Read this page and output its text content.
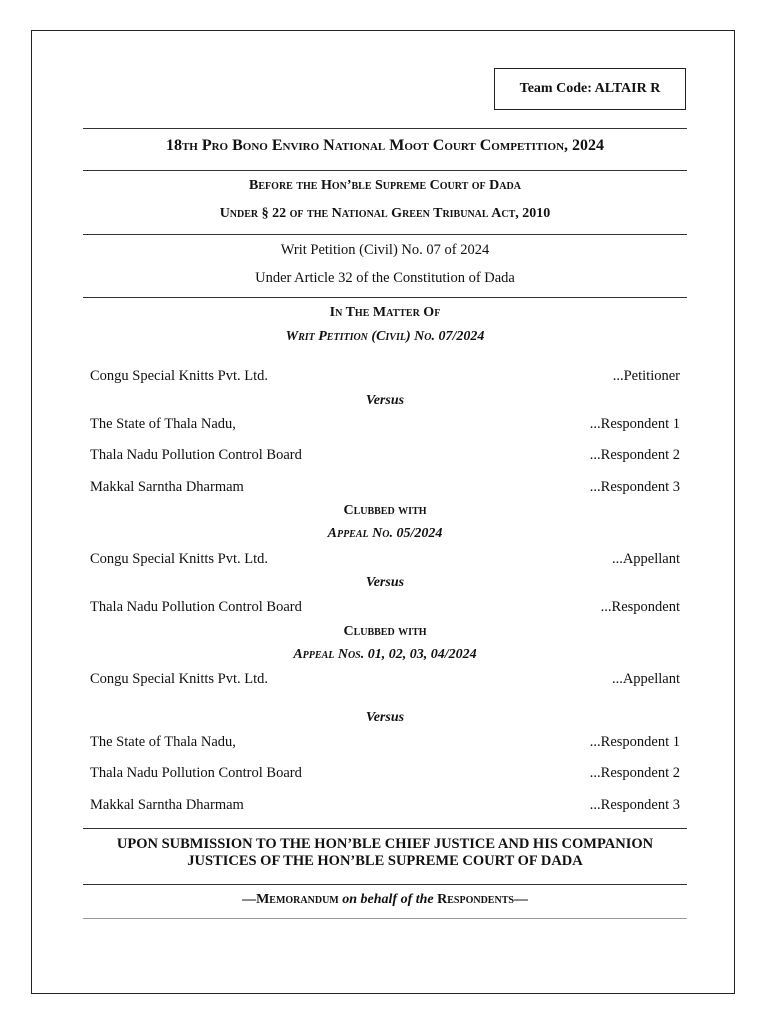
Team Code: ALTAIR R
18th Pro Bono Enviro National Moot Court Competition, 2024
Before the Hon’ble Supreme Court of Dada
Under § 22 of the National Green Tribunal Act, 2010
Writ Petition (Civil) No. 07 of 2024
Under Article 32 of the Constitution of Dada
In The Matter Of
Writ Petition (Civil) No. 07/2024
Congu Special Knitts Pvt. Ltd.	...Petitioner
Versus
The State of Thala Nadu,	...Respondent 1
Thala Nadu Pollution Control Board	...Respondent 2
Makkal Sarntha Dharmam	...Respondent 3
Clubbed with
Appeal No. 05/2024
Congu Special Knitts Pvt. Ltd.	...Appellant
Versus
Thala Nadu Pollution Control Board	...Respondent
Clubbed with
Appeal Nos. 01, 02, 03, 04/2024
Congu Special Knitts Pvt. Ltd.	...Appellant
Versus
The State of Thala Nadu,	...Respondent 1
Thala Nadu Pollution Control Board	...Respondent 2
Makkal Sarntha Dharmam	...Respondent 3
UPON SUBMISSION TO THE HON’BLE CHIEF JUSTICE AND HIS COMPANION JUSTICES OF THE HON’BLE SUPREME COURT OF DADA
—Memorandum on behalf of the Respondents—
